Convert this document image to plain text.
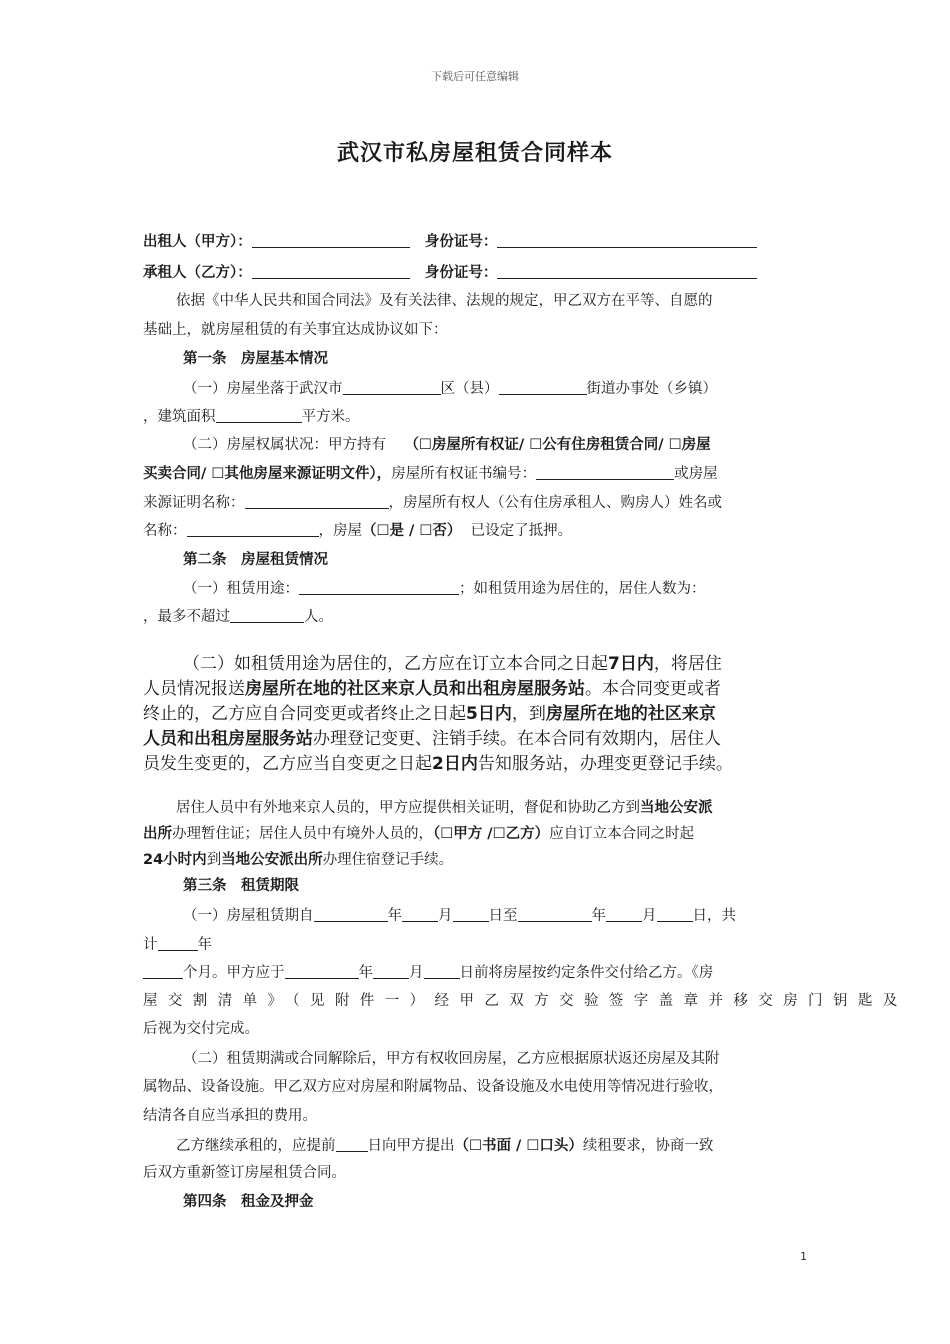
下载后可任意编辑
武汉市私房屋租赁合同样本
出租人（甲方）：	身份证号：
承租人（乙方）：	身份证号：
依据《中华人民共和国合同法》及有关法律、法规的规定，甲乙双方在平等、自愿的
基础上，就房屋租赁的有关事宜达成协议如下：
第一条　房屋基本情况
（一）房屋坐落于武汉市	区（县）	街道办事处（乡镇）
，建筑面积	平方米。
（二）房屋权属状况：甲方持有 （☐房屋所有权证/ ☐公有住房租赁合同/ ☐房屋
买卖合同/ ☐其他房屋来源证明文件），房屋所有权证书编号：	或房屋
来源证明名称：	，房屋所有权人（公有住房承租人、购房人）姓名或
名称：	，房屋（☐是 / ☐否） 已设定了抵押。
第二条　房屋租赁情况
（一）租赁用途：	；如租赁用途为居住的，居住人数为：
，最多不超过	人。
（二）如租赁用途为居住的，乙方应在订立本合同之日起7日内，将居住
人员情况报送房屋所在地的社区来京人员和出租房屋服务站。本合同变更或者
终止的，乙方应自合同变更或者终止之日起5日内，到房屋所在地的社区来京
人员和出租房屋服务站办理登记变更、注销手续。在本合同有效期内，居住人
员发生变更的，乙方应当自变更之日起2日内告知服务站，办理变更登记手续。
居住人员中有外地来京人员的，甲方应提供相关证明，督促和协助乙方到当地公安派
出所办理暂住证；居住人员中有境外人员的，（☐甲方 /☐乙方）应自订立本合同之时起
24小时内到当地公安派出所办理住宿登记手续。
第三条　租赁期限
（一）房屋租赁期自	年 月 日至	年 月 日，共
计	年
个月。甲方应于	年 月 日前将房屋按约定条件交付给乙方。《房
屋交割清单》（见附件一）经甲乙双方交验签字盖章并移交房门钥匙及
后视为交付完成。
（二）租赁期满或合同解除后，甲方有权收回房屋，乙方应根据原状返还房屋及其附
属物品、设备设施。甲乙双方应对房屋和附属物品、设备设施及水电使用等情况进行验收，
结清各自应当承担的费用。
乙方继续承租的，应提前 日向甲方提出（☐书面 / ☐口头）续租要求，协商一致
后双方重新签订房屋租赁合同。
第四条　租金及押金
1
